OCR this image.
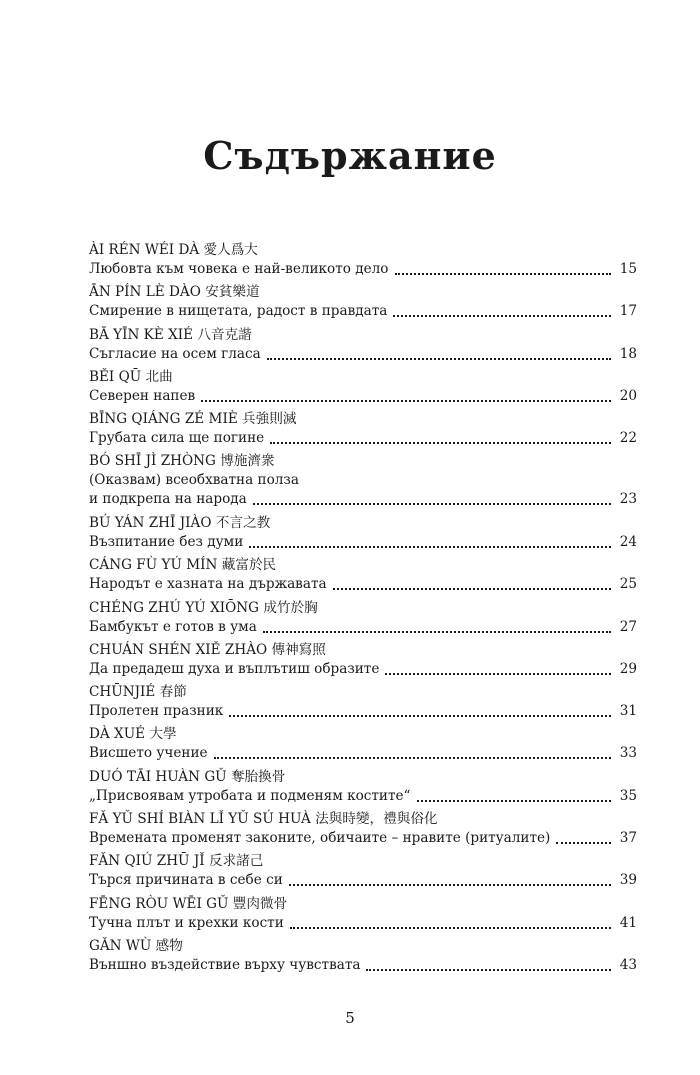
Съдържание
ÀI RÉN WÉI DÀ 愛人爲大
Любовта към човека е най-великото дело	15
ĀN PÍN LÈ DÀO 安貧樂道
Смирение в нищетата, радост в правдата	17
BĀ YĪN KÈ XIÉ 八音克諧
Съгласие на осем гласа	18
BĚI QŪ 北曲
Северен напев	20
BĪNG QIÁNG ZÉ MIÈ 兵強則滅
Грубата сила ще погине	22
BÓ SHĪ JÌ ZHÒNG 博施濟衆
(Оказвам) всеобхватна полза
и подкрепа на народа	23
BÚ YÁN ZHĪ JIÀO 不言之教
Възпитание без думи	24
CÁNG FÙ YÚ MÍN 藏富於民
Народът е хазната на държавата	25
CHÉNG ZHÚ YÚ XIŌNG 成竹於胸
Бамбукът е готов в ума	27
CHUÁN SHÉN XIĚ ZHÀO 傳神寫照
Да предадеш духа и въплътиш образите	29
CHŪNJIÉ 春節
Пролетен празник	31
DÀ XUÉ 大學
Висшето учение	33
DUÓ TĀI HUÀN GǓ 奪胎換骨
„Присвоявам утробата и подменям костите“	35
FǍ YǓ SHÍ BIÀN LǏ YǓ SÚ HUÀ 法與時變，禮與俗化
Времената променят законите, обичаите – нравите (ритуалите)	37
FǍN QIÚ ZHŪ JǏ 反求諸己
Търся причината в себе си	39
FĒNG RÒU WĒI GǓ 豐肉微骨
Тучна плът и крехки кости	41
GǍN WÙ 感物
Външно въздействие върху чувствата	43
5
